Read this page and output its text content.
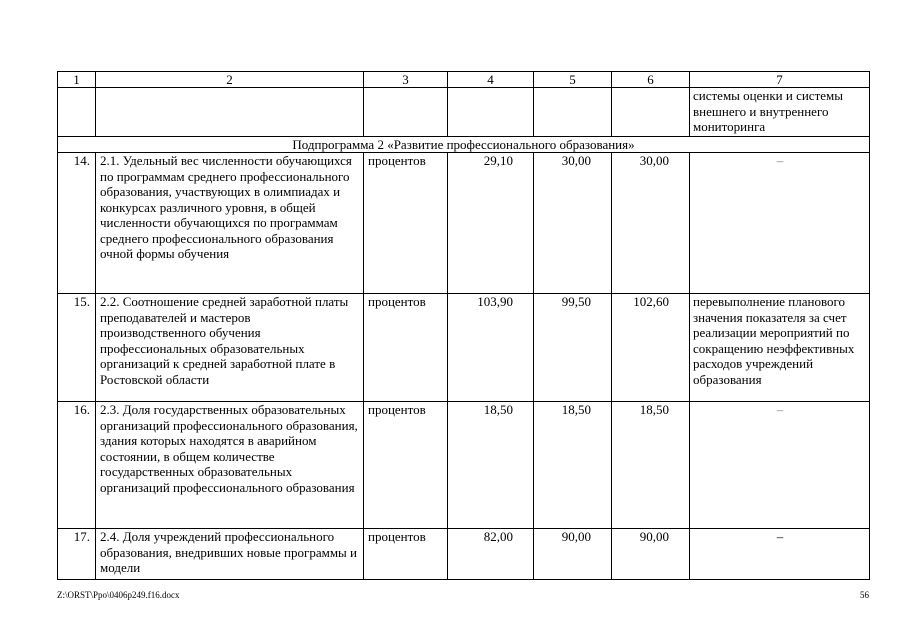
1	2	3	4	5	6	7
						системы оценки и системы внешнего и внутреннего мониторинга
Подпрограмма 2 «Развитие профессионального образования»						
14.	2.1. Удельный вес численности обучающихся по программам среднего профессионального образования, участвующих в олимпиадах и конкурсах различного уровня, в общей численности обучающихся по программам среднего профессионального образования очной формы обучения	процентов	29,10	30,00	30,00	–
15.	2.2. Соотношение средней заработной платы преподавателей и мастеров производственного обучения профессиональных образовательных организаций к средней заработной плате в Ростовской области	процентов	103,90	99,50	102,60	перевыполнение планового значения показателя за счет реализации мероприятий по сокращению неэффективных расходов учреждений образования
16.	2.3. Доля государственных образовательных организаций профессионального образования, здания которых находятся в аварийном состоянии, в общем количестве государственных образовательных организаций профессионального образования	процентов	18,50	18,50	18,50	–
17.	2.4. Доля учреждений профессионального образования, внедривших новые программы и модели	процентов	82,00	90,00	90,00	–
Z:\ORST\Ppo\0406p249.f16.docx	56
